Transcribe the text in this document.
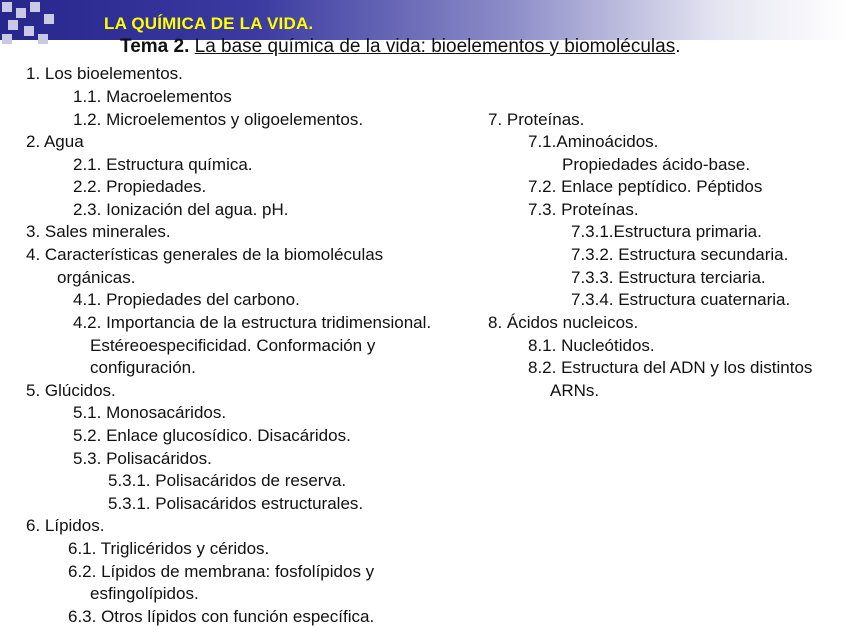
LA QUÍMICA DE LA VIDA.
Tema 2. La base química de la vida: bioelementos y biomoléculas.
1. Los bioelementos.
1.1. Macroelementos
1.2. Microelementos y oligoelementos.
2. Agua
2.1. Estructura química.
2.2. Propiedades.
2.3. Ionización del agua. pH.
3. Sales minerales.
4. Características generales de la biomoléculas
orgánicas.
4.1. Propiedades del carbono.
4.2. Importancia de la estructura tridimensional.
Estéreoespecificidad. Conformación y
configuración.
5. Glúcidos.
5.1. Monosacáridos.
5.2. Enlace glucosídico. Disacáridos.
5.3. Polisacáridos.
5.3.1. Polisacáridos de reserva.
5.3.1. Polisacáridos estructurales.
6. Lípidos.
6.1. Triglicéridos y céridos.
6.2. Lípidos de membrana: fosfolípidos y
esfingolípidos.
6.3. Otros lípidos con función específica.
7. Proteínas.
7.1.Aminoácidos.
Propiedades ácido-base.
7.2. Enlace peptídico. Péptidos
7.3. Proteínas.
7.3.1.Estructura primaria.
7.3.2. Estructura secundaria.
7.3.3. Estructura terciaria.
7.3.4. Estructura cuaternaria.
8. Ácidos nucleicos.
8.1. Nucleótidos.
8.2. Estructura del ADN y los distintos
ARNs.
